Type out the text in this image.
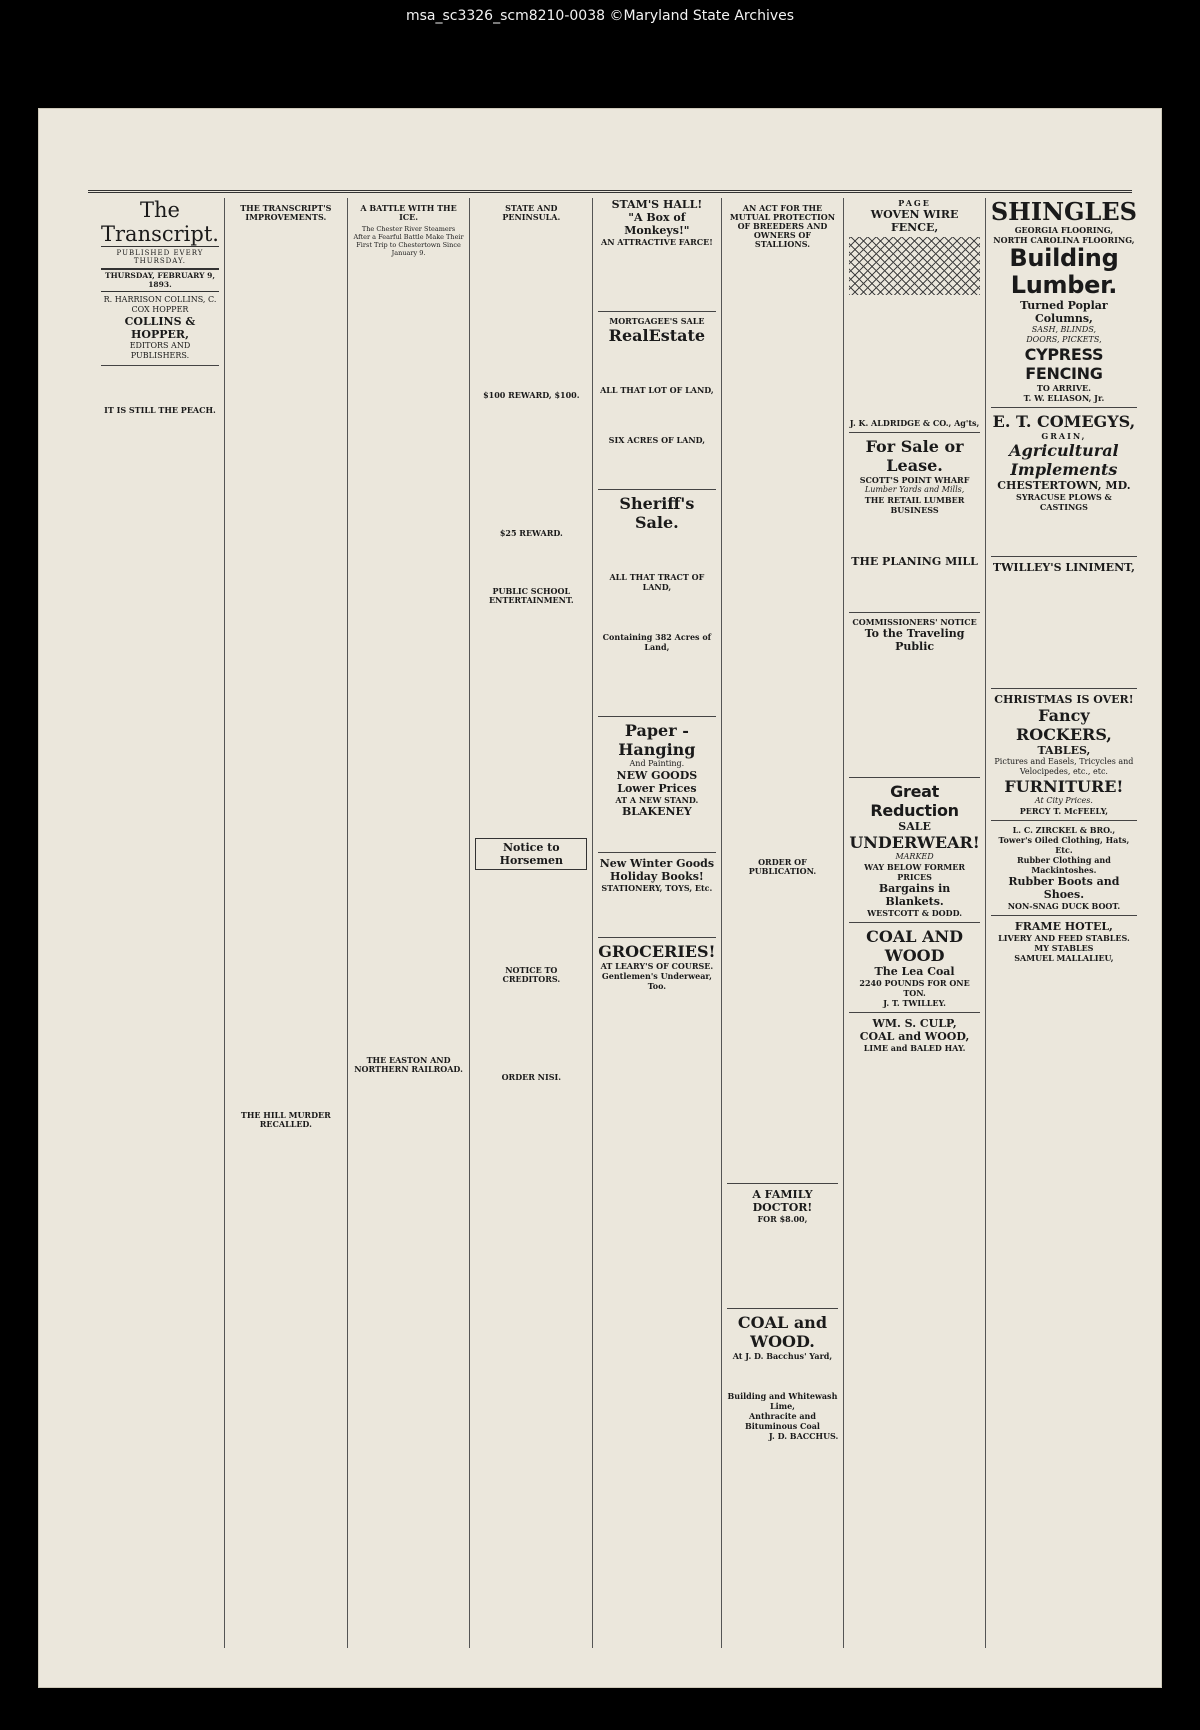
msa_sc3326_scm8210-0038 ©Maryland State Archives
The Transcript.
PUBLISHED EVERY THURSDAY.
THURSDAY, FEBRUARY 9, 1893.
R. HARRISON COLLINS, C. COX HOPPER
COLLINS & HOPPER,
EDITORS AND PUBLISHERS.

IT IS STILL THE PEACH.
THE TRANSCRIPT'S IMPROVEMENTS.
THE HILL MURDER RECALLED.
A BATTLE WITH THE ICE.
The Chester River Steamers After a Fearful Battle Make Their First Trip to Chestertown Since January 9.
THE EASTON AND NORTHERN RAILROAD.
STATE AND PENINSULA.
$100 REWARD, $100.
$25 REWARD.
PUBLIC SCHOOL ENTERTAINMENT.
Notice to Horsemen
NOTICE TO CREDITORS.
ORDER NISI.
STAM'S HALL!
"A Box of Monkeys!"
AN ATTRACTIVE FARCE!
MORTGAGEE'S SALE
RealEstate
ALL THAT LOT OF LAND,
SIX ACRES OF LAND,
Sheriff's Sale.
ALL THAT TRACT OF LAND,
Containing 382 Acres of Land,
Paper - Hanging
And Painting.
NEW GOODS
Lower Prices
AT A NEW STAND.
BLAKENEY
New Winter Goods
Holiday Books!
STATIONERY, TOYS, Etc.
GROCERIES!
AT LEARY'S OF COURSE.
Gentlemen's Underwear, Too.
AN ACT FOR THE MUTUAL PROTECTION OF BREEDERS AND OWNERS OF STALLIONS.
ORDER OF PUBLICATION.
A FAMILY DOCTOR!
FOR $8.00,
COAL and WOOD.
At J. D. Bacchus' Yard,
Building and Whitewash Lime,
Anthracite and Bituminous Coal
J. D. BACCHUS.
PAGE
WOVEN WIRE FENCE,
J. K. ALDRIDGE & CO., Ag'ts,
For Sale or Lease.
SCOTT'S POINT WHARF
Lumber Yards and Mills,
THE RETAIL LUMBER BUSINESS
THE PLANING MILL
COMMISSIONERS' NOTICE
To the Traveling Public
Great Reduction
SALE
UNDERWEAR!
MARKED
WAY BELOW FORMER PRICES
Bargains in Blankets.
WESTCOTT & DODD.
COAL AND WOOD
The Lea Coal
2240 POUNDS FOR ONE TON.
J. T. TWILLEY.
WM. S. CULP,
COAL and WOOD,
LIME and BALED HAY.
SHINGLES
GEORGIA FLOORING,
NORTH CAROLINA FLOORING,
Building Lumber.
Turned Poplar Columns,
SASH, BLINDS,
DOORS, PICKETS,
CYPRESS FENCING
TO ARRIVE.
T. W. ELIASON, Jr.
E. T. COMEGYS,
GRAIN,
Agricultural
Implements
CHESTERTOWN, MD.
SYRACUSE PLOWS & CASTINGS
TWILLEY'S LINIMENT,
CHRISTMAS IS OVER!
Fancy ROCKERS,
TABLES,
Pictures and Easels, Tricycles and Velocipedes, etc., etc.
FURNITURE!
At City Prices.
PERCY T. McFEELY,
L. C. ZIRCKEL & BRO.,
Tower's Oiled Clothing, Hats, Etc.
Rubber Clothing and Mackintoshes.
Rubber Boots and Shoes.
NON-SNAG DUCK BOOT.
FRAME HOTEL,
LIVERY AND FEED STABLES.
MY STABLES
SAMUEL MALLALIEU,
